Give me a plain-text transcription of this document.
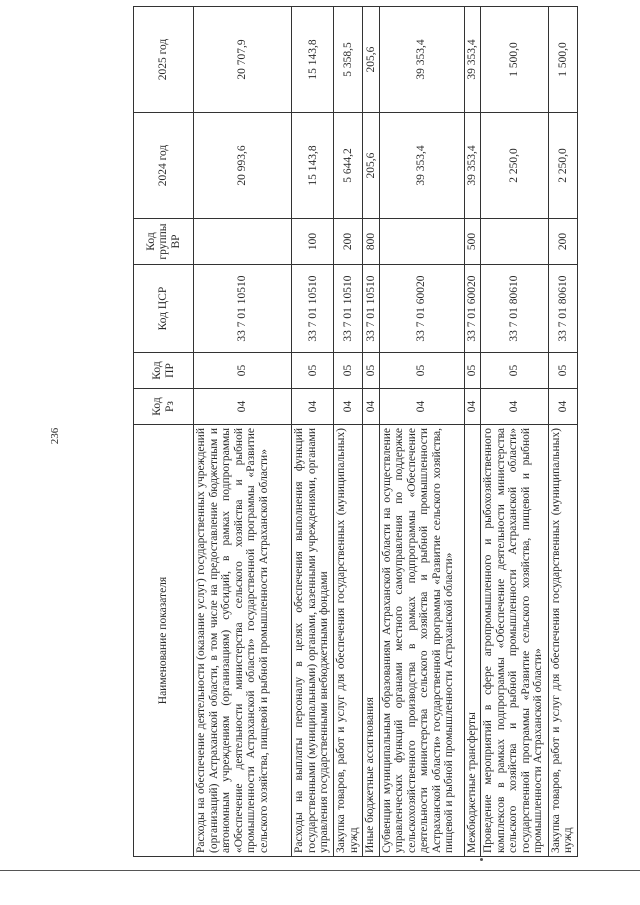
236
Наименование показателя	Код Рз	Код ПР	Код ЦСР	Код группы ВР	2024 год	2025 год
Расходы на обеспечение деятельности (оказание услуг) государственных учреждений (организаций) Астраханской области, в том числе на предоставление бюджетным и автономным учреждениям (организациям) субсидий, в рамках подпрограммы «Обеспечение деятельности министерства сельского хозяйства и рыбной промышленности Астраханской области» государственной программы «Развитие сельского хозяйства, пищевой и рыбной промышленности Астраханской области»	04	05	33 7 01 10510		20 993,6	20 707,9
Расходы на выплаты персоналу в целях обеспечения выполнения функций государственными (муниципальными) органами, казенными учреждениями, органами управления государственными внебюджетными фондами	04	05	33 7 01 10510	100	15 143,8	15 143,8
Закупка товаров, работ и услуг для обеспечения государственных (муниципальных) нужд	04	05	33 7 01 10510	200	5 644,2	5 358,5
Иные бюджетные ассигнования	04	05	33 7 01 10510	800	205,6	205,6
Субвенции муниципальным образованиям Астраханской области на осуществление управленческих функций органами местного самоуправления по поддержке сельскохозяйственного производства в рамках подпрограммы «Обеспечение деятельности министерства сельского хозяйства и рыбной промышленности Астраханской области» государственной программы «Развитие сельского хозяйства, пищевой и рыбной промышленности Астраханской области»	04	05	33 7 01 60020		39 353,4	39 353,4
Межбюджетные трансферты	04	05	33 7 01 60020	500	39 353,4	39 353,4
Проведение мероприятий в сфере агропромышленного и рыбохозяйственного комплексов в рамках подпрограммы «Обеспечение деятельности министерства сельского хозяйства и рыбной промышленности Астраханской области» государственной программы «Развитие сельского хозяйства, пищевой и рыбной промышленности Астраханской области»	04	05	33 7 01 80610		2 250,0	1 500,0
Закупка товаров, работ и услуг для обеспечения государственных (муниципальных) нужд	04	05	33 7 01 80610	200	2 250,0	1 500,0
